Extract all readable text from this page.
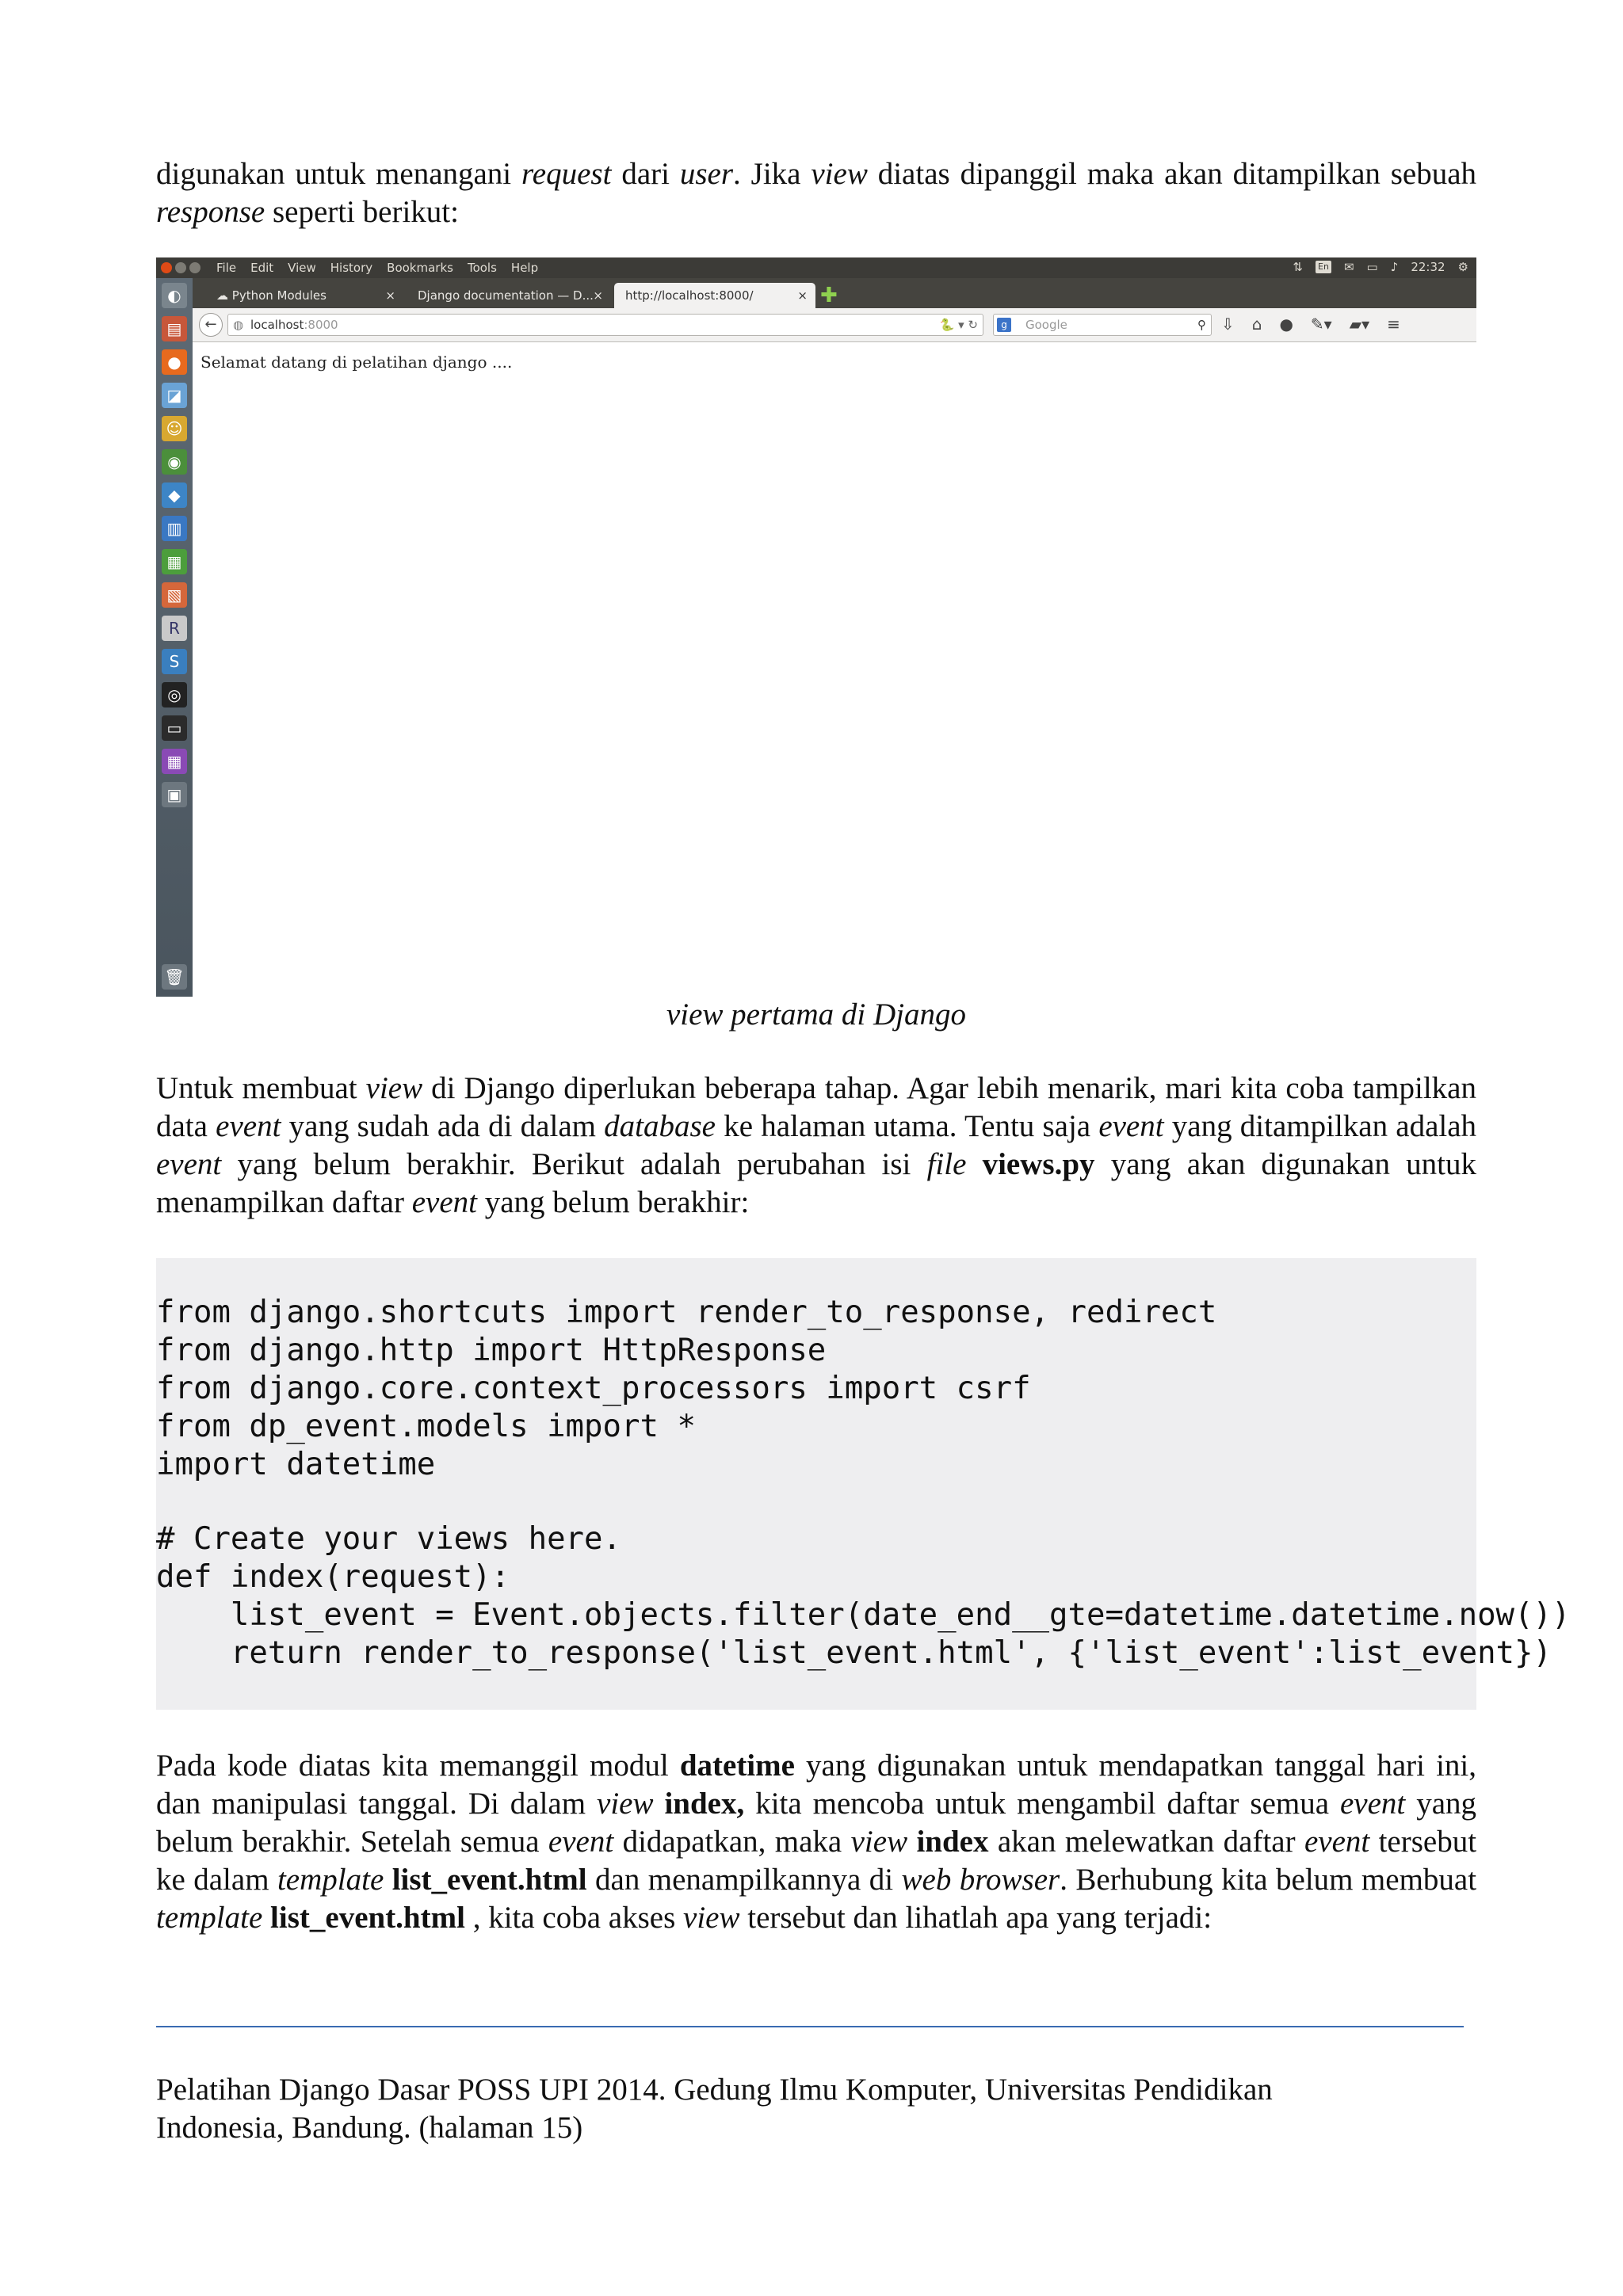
digunakan untuk menangani request dari user. Jika view diatas dipanggil maka akan ditampilkan sebuah response seperti berikut:

File Edit View History Bookmarks Tools Help	⇅ En ✉ ▭ ♪ 22:32 ⚙
◐
▤
●
◪
☺
◉
◆
▥
▦
▧
R
S
◎
▭
▦
▣
🗑
☁ Python Modules	×	Django documentation — D... ×	http://localhost:8000/	× ✚
←	◍ localhost:8000	🐍 ▾ ↻	g	Google	⚲ ⇩ ⌂ ● ✎▾ ▰▾ ≡
Selamat datang di pelatihan django ....

view pertama di Django

Untuk membuat view di Django diperlukan beberapa tahap. Agar lebih menarik, mari kita coba tampilkan data event yang sudah ada di dalam database ke halaman utama. Tentu saja event yang ditampilkan adalah event yang belum berakhir. Berikut adalah perubahan isi file views.py yang akan digunakan untuk menampilkan daftar event yang belum berakhir:

from django.shortcuts import render_to_response, redirect
from django.http import HttpResponse
from django.core.context_processors import csrf
from dp_event.models import *
import datetime
# Create your views here.
def index(request):
list_event = Event.objects.filter(date_end__gte=datetime.datetime.now())
return render_to_response('list_event.html', {'list_event':list_event})

Pada kode diatas kita memanggil modul datetime yang digunakan untuk mendapatkan tanggal hari ini, dan manipulasi tanggal. Di dalam view index, kita mencoba untuk mengambil daftar semua event yang belum berakhir. Setelah semua event didapatkan, maka view index akan melewatkan daftar event tersebut ke dalam template list_event.html dan menampilkannya di web browser. Berhubung kita belum membuat template list_event.html , kita coba akses view tersebut dan lihatlah apa yang terjadi:

Pelatihan Django Dasar POSS UPI 2014. Gedung Ilmu Komputer, Universitas Pendidikan
Indonesia, Bandung. (halaman 15)
